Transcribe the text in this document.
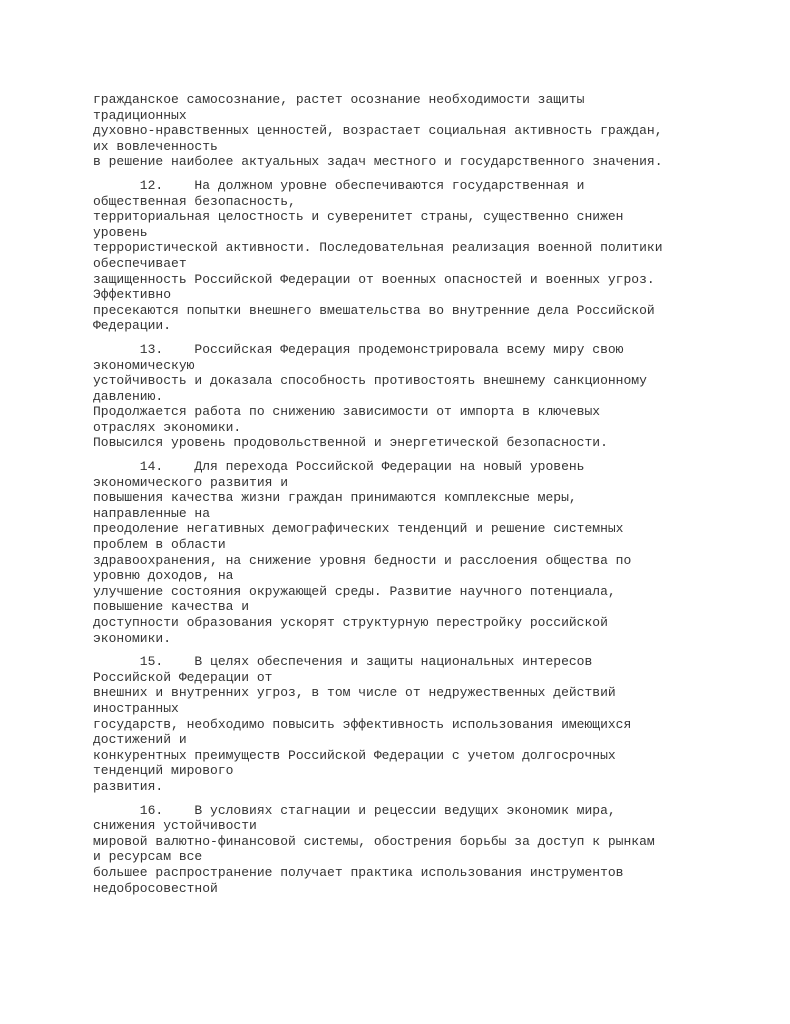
гражданское самосознание, растет осознание необходимости защиты
традиционных
духовно-нравственных ценностей, возрастает социальная активность граждан,
их вовлеченность
в решение наиболее актуальных задач местного и государственного значения.
12.    На должном уровне обеспечиваются государственная и
общественная безопасность,
территориальная целостность и суверенитет страны, существенно снижен
уровень
террористической активности. Последовательная реализация военной политики
обеспечивает
защищенность Российской Федерации от военных опасностей и военных угроз.
Эффективно
пресекаются попытки внешнего вмешательства во внутренние дела Российской
Федерации.
13.    Российская Федерация продемонстрировала всему миру свою
экономическую
устойчивость и доказала способность противостоять внешнему санкционному
давлению.
Продолжается работа по снижению зависимости от импорта в ключевых
отраслях экономики.
Повысился уровень продовольственной и энергетической безопасности.
14.    Для перехода Российской Федерации на новый уровень
экономического развития и
повышения качества жизни граждан принимаются комплексные меры,
направленные на
преодоление негативных демографических тенденций и решение системных
проблем в области
здравоохранения, на снижение уровня бедности и расслоения общества по
уровню доходов, на
улучшение состояния окружающей среды. Развитие научного потенциала,
повышение качества и
доступности образования ускорят структурную перестройку российской
экономики.
15.    В целях обеспечения и защиты национальных интересов
Российской Федерации от
внешних и внутренних угроз, в том числе от недружественных действий
иностранных
государств, необходимо повысить эффективность использования имеющихся
достижений и
конкурентных преимуществ Российской Федерации с учетом долгосрочных
тенденций мирового
развития.
16.    В условиях стагнации и рецессии ведущих экономик мира,
снижения устойчивости
мировой валютно-финансовой системы, обострения борьбы за доступ к рынкам
и ресурсам все
большее распространение получает практика использования инструментов
недобросовестной
